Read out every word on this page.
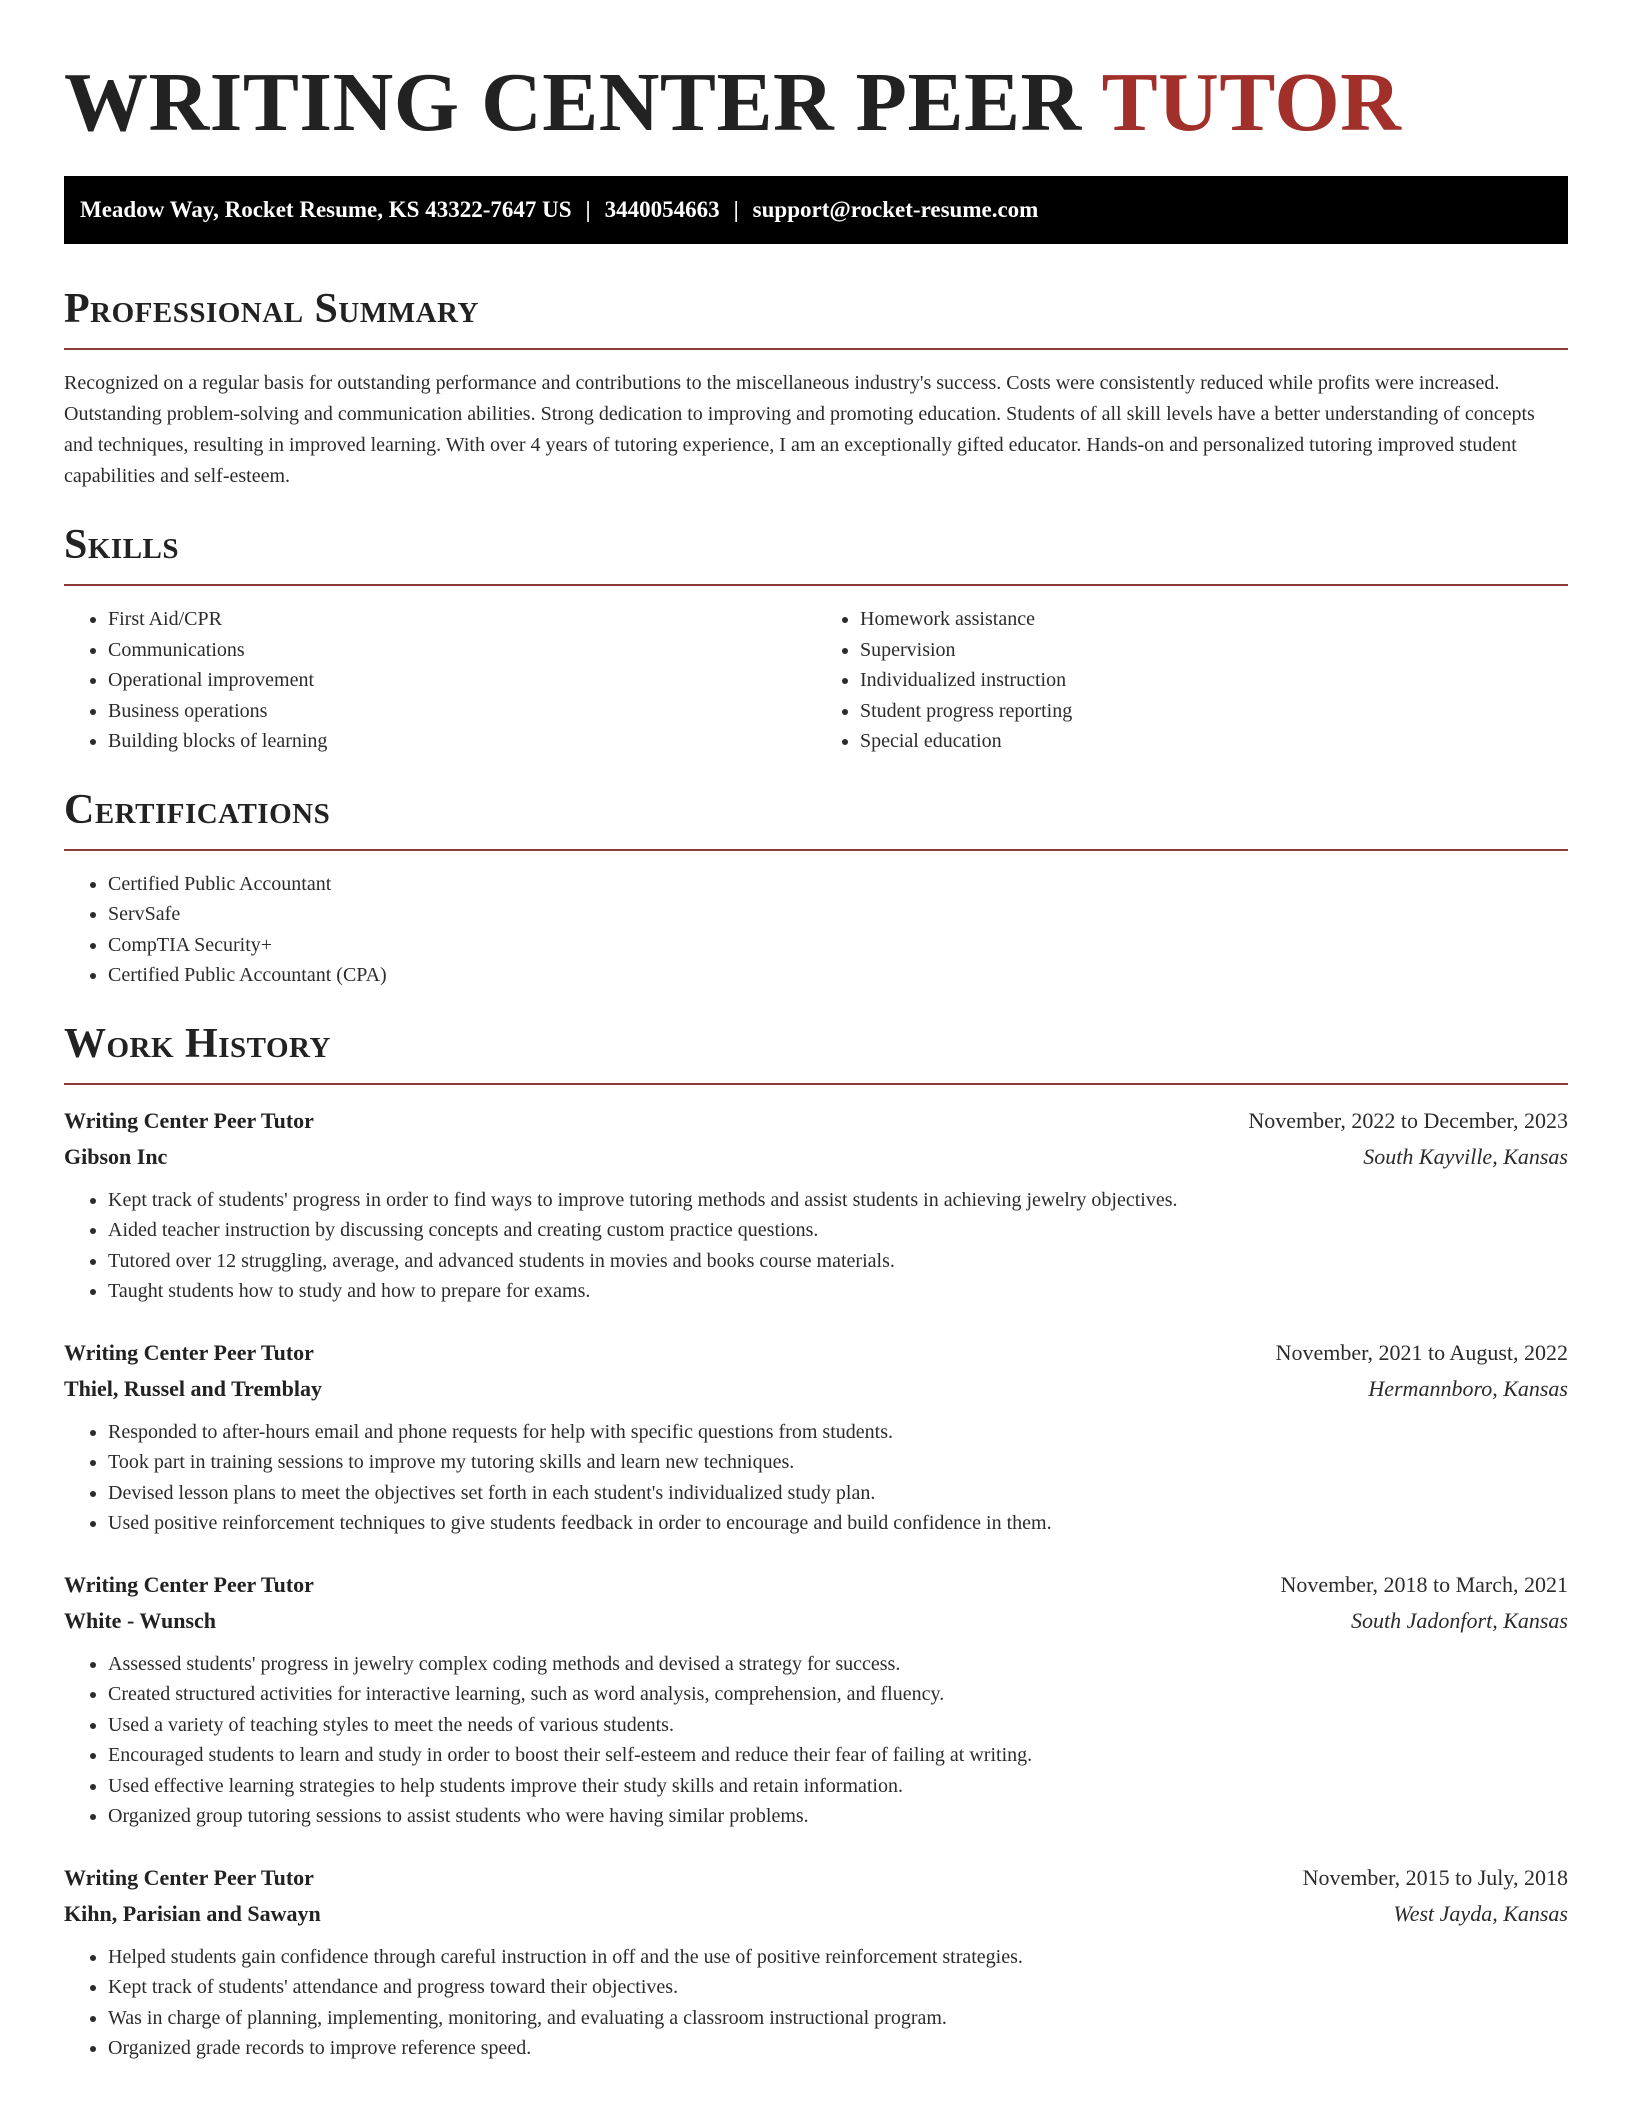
WRITING CENTER PEER TUTOR
Meadow Way, Rocket Resume, KS 43322-7647 US | 3440054663 | support@rocket-resume.com
Professional Summary

Recognized on a regular basis for outstanding performance and contributions to the miscellaneous industry's success. Costs were consistently reduced while profits were increased. Outstanding problem-solving and communication abilities. Strong dedication to improving and promoting education. Students of all skill levels have a better understanding of concepts and techniques, resulting in improved learning. With over 4 years of tutoring experience, I am an exceptionally gifted educator. Hands-on and personalized tutoring improved student capabilities and self-esteem.

Skills
• First Aid/CPR
• Communications
• Operational improvement
• Business operations
• Building blocks of learning
• Homework assistance
• Supervision
• Individualized instruction
• Student progress reporting
• Special education
Certifications
• Certified Public Accountant
• ServSafe
• CompTIA Security+
• Certified Public Accountant (CPA)
Work History
Writing Center Peer Tutor	November, 2022 to December, 2023
Gibson Inc	South Kayville, Kansas
• Kept track of students' progress in order to find ways to improve tutoring methods and assist students in achieving jewelry objectives.
• Aided teacher instruction by discussing concepts and creating custom practice questions.
• Tutored over 12 struggling, average, and advanced students in movies and books course materials.
• Taught students how to study and how to prepare for exams.
Writing Center Peer Tutor	November, 2021 to August, 2022
Thiel, Russel and Tremblay	Hermannboro, Kansas
• Responded to after-hours email and phone requests for help with specific questions from students.
• Took part in training sessions to improve my tutoring skills and learn new techniques.
• Devised lesson plans to meet the objectives set forth in each student's individualized study plan.
• Used positive reinforcement techniques to give students feedback in order to encourage and build confidence in them.
Writing Center Peer Tutor	November, 2018 to March, 2021
White - Wunsch	South Jadonfort, Kansas
• Assessed students' progress in jewelry complex coding methods and devised a strategy for success.
• Created structured activities for interactive learning, such as word analysis, comprehension, and fluency.
• Used a variety of teaching styles to meet the needs of various students.
• Encouraged students to learn and study in order to boost their self-esteem and reduce their fear of failing at writing.
• Used effective learning strategies to help students improve their study skills and retain information.
• Organized group tutoring sessions to assist students who were having similar problems.
Writing Center Peer Tutor	November, 2015 to July, 2018
Kihn, Parisian and Sawayn	West Jayda, Kansas
• Helped students gain confidence through careful instruction in off and the use of positive reinforcement strategies.
• Kept track of students' attendance and progress toward their objectives.
• Was in charge of planning, implementing, monitoring, and evaluating a classroom instructional program.
• Organized grade records to improve reference speed.
